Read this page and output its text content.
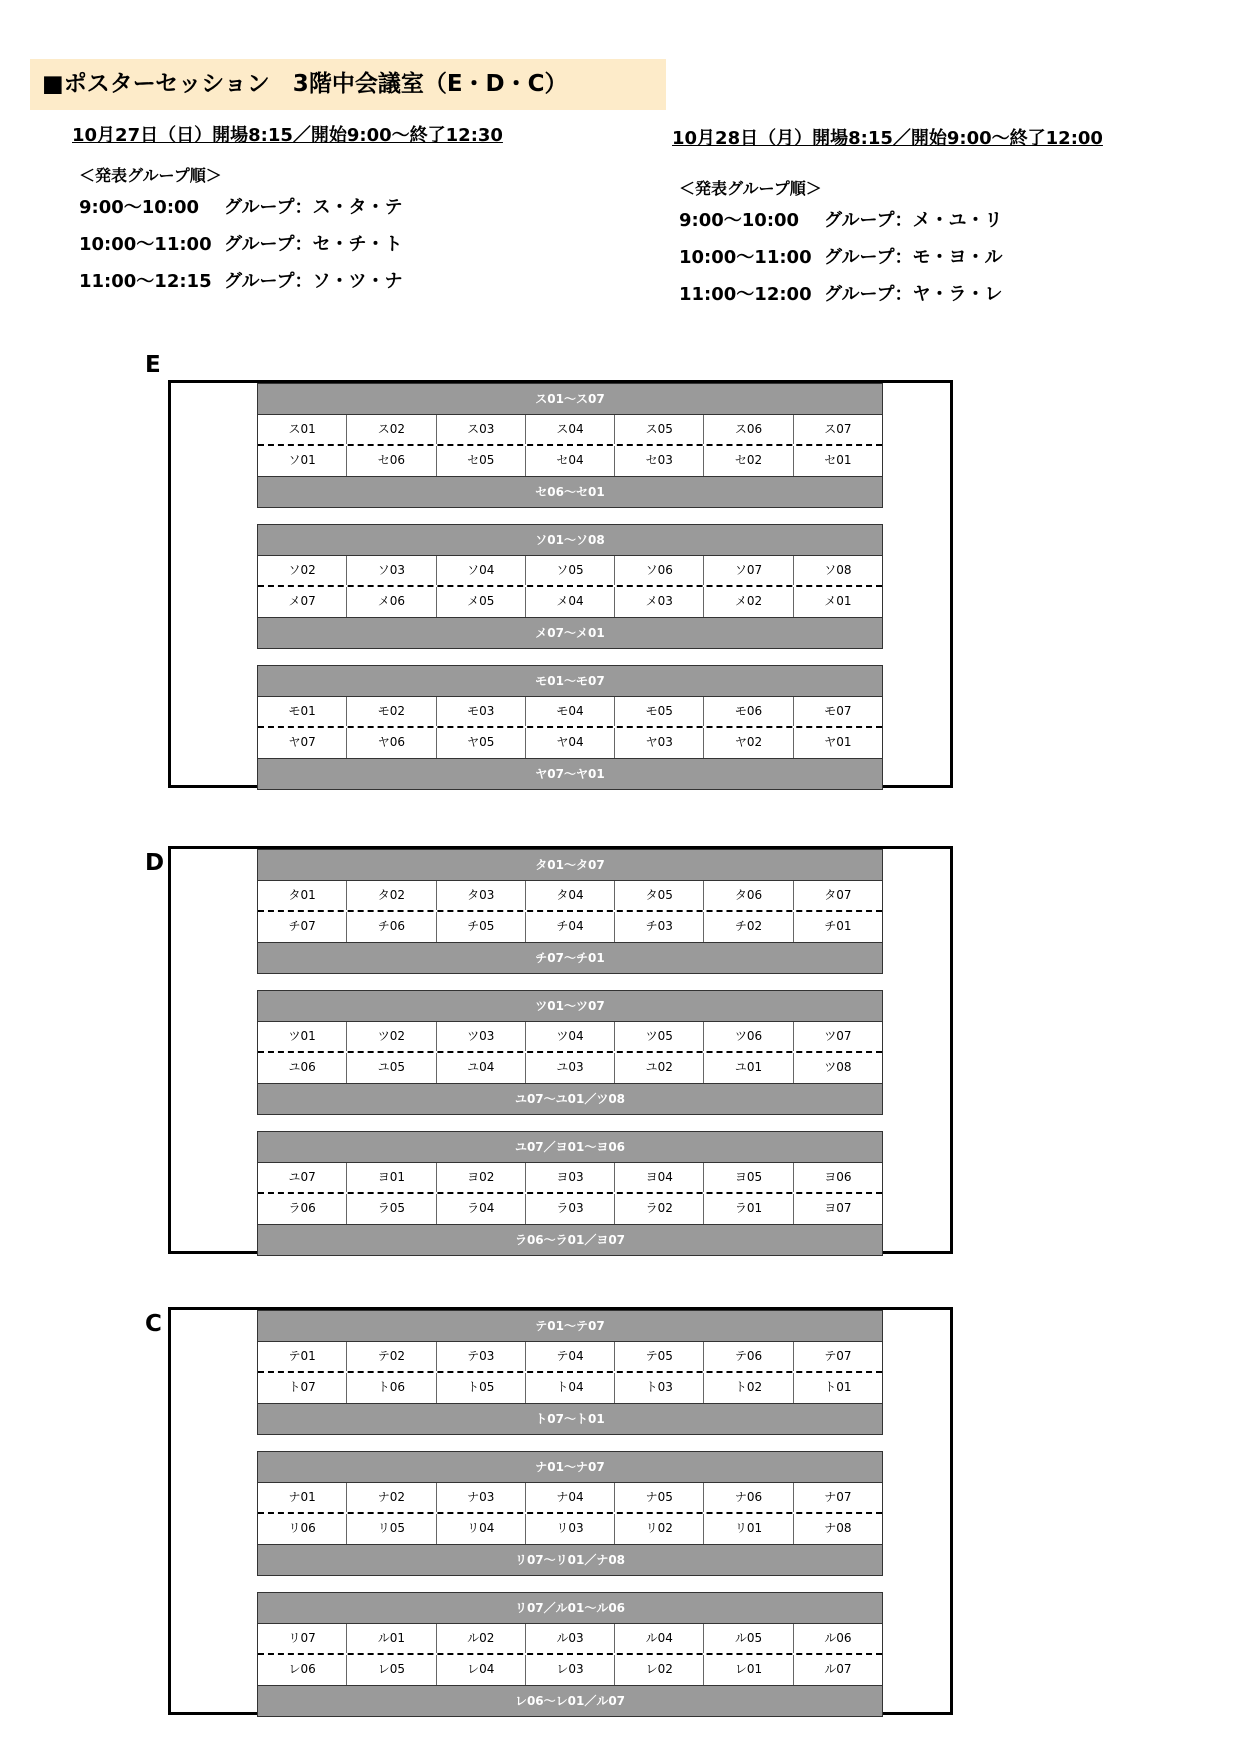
■ポスターセッション　3階中会議室（E・D・C）
10月27日（日）開場8:15／開始9:00～終了12:30
＜発表グループ順＞
9:00～10:00 グループ：ス・タ・テ
10:00～11:00 グループ：セ・チ・ト
11:00～12:15 グループ：ソ・ツ・ナ
10月28日（月）開場8:15／開始9:00～終了12:00
＜発表グループ順＞
9:00～10:00 グループ：メ・ユ・リ
10:00～11:00 グループ：モ・ヨ・ル
11:00～12:00 グループ：ヤ・ラ・レ
E
ス01～ス07
ス01	ス02	ス03	ス04	ス05	ス06	ス07
ソ01	セ06	セ05	セ04	セ03	セ02	セ01
セ06～セ01
ソ01～ソ08
ソ02	ソ03	ソ04	ソ05	ソ06	ソ07	ソ08
メ07	メ06	メ05	メ04	メ03	メ02	メ01
メ07～メ01
モ01～モ07
モ01	モ02	モ03	モ04	モ05	モ06	モ07
ヤ07	ヤ06	ヤ05	ヤ04	ヤ03	ヤ02	ヤ01
ヤ07～ヤ01
D	タ01～タ07
タ01	タ02	タ03	タ04	タ05	タ06	タ07
チ07	チ06	チ05	チ04	チ03	チ02	チ01
チ07～チ01
ツ01～ツ07
ツ01	ツ02	ツ03	ツ04	ツ05	ツ06	ツ07
ユ06	ユ05	ユ04	ユ03	ユ02	ユ01	ツ08
ユ07～ユ01／ツ08
ユ07／ヨ01～ヨ06
ユ07	ヨ01	ヨ02	ヨ03	ヨ04	ヨ05	ヨ06
ラ06	ラ05	ラ04	ラ03	ラ02	ラ01	ヨ07
ラ06～ラ01／ヨ07
C	テ01～テ07
テ01	テ02	テ03	テ04	テ05	テ06	テ07
ト07	ト06	ト05	ト04	ト03	ト02	ト01
ト07～ト01
ナ01～ナ07
ナ01	ナ02	ナ03	ナ04	ナ05	ナ06	ナ07
リ06	リ05	リ04	リ03	リ02	リ01	ナ08
リ07～リ01／ナ08
リ07／ル01～ル06
リ07	ル01	ル02	ル03	ル04	ル05	ル06
レ06	レ05	レ04	レ03	レ02	レ01	ル07
レ06～レ01／ル07
